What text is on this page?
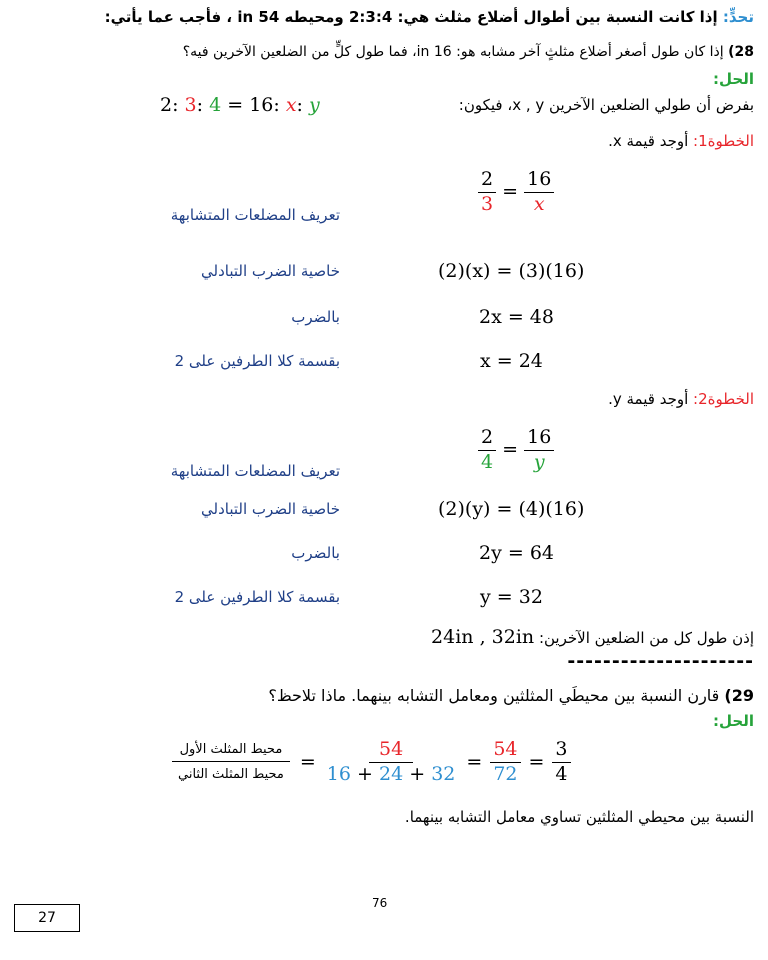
تحدٍّ: إذا كانت النسبة بين أطوال أضلاع مثلث هي: 2:3:4 ومحيطه 54 in ، فأجب عما يأتي:
28) إذا كان طول أصغر أضلاع مثلثٍ آخر مشابه هو: 16 in، فما طول كلٍّ من الضلعين الآخرين فيه؟
الحل:
بفرض أن طولي الضلعين الآخرين x , y، فيكون:
2: 3: 4 = 16: x: y
الخطوة1: أوجد قيمة x.
$\frac{2}{3} = \frac{16}{x}$
تعريف المضلعات المتشابهة
(2)(x) = (3)(16)
خاصية الضرب التبادلي
2x = 48
بالضرب
x = 24
بقسمة كلا الطرفين على 2
الخطوة2: أوجد قيمة y.
$\frac{2}{4} = \frac{16}{y}$
تعريف المضلعات المتشابهة
(2)(y) = (4)(16)
خاصية الضرب التبادلي
2y = 64
بالضرب
y = 32
بقسمة كلا الطرفين على 2
إذن طول كل من الضلعين الآخرين: 24in , 32in
---------------------
29) قارن النسبة بين محيطَي المثلثين ومعامل التشابه بينهما. ماذا تلاحظ؟
الحل:
$\frac{\text{محيط المثلث الأول}}{\text{محيط المثلث الثاني}} = \frac{54}{16 + 24 + 32} = \frac{54}{72} = \frac{3}{4}$
النسبة بين محيطي المثلثين تساوي معامل التشابه بينهما.
76
27
